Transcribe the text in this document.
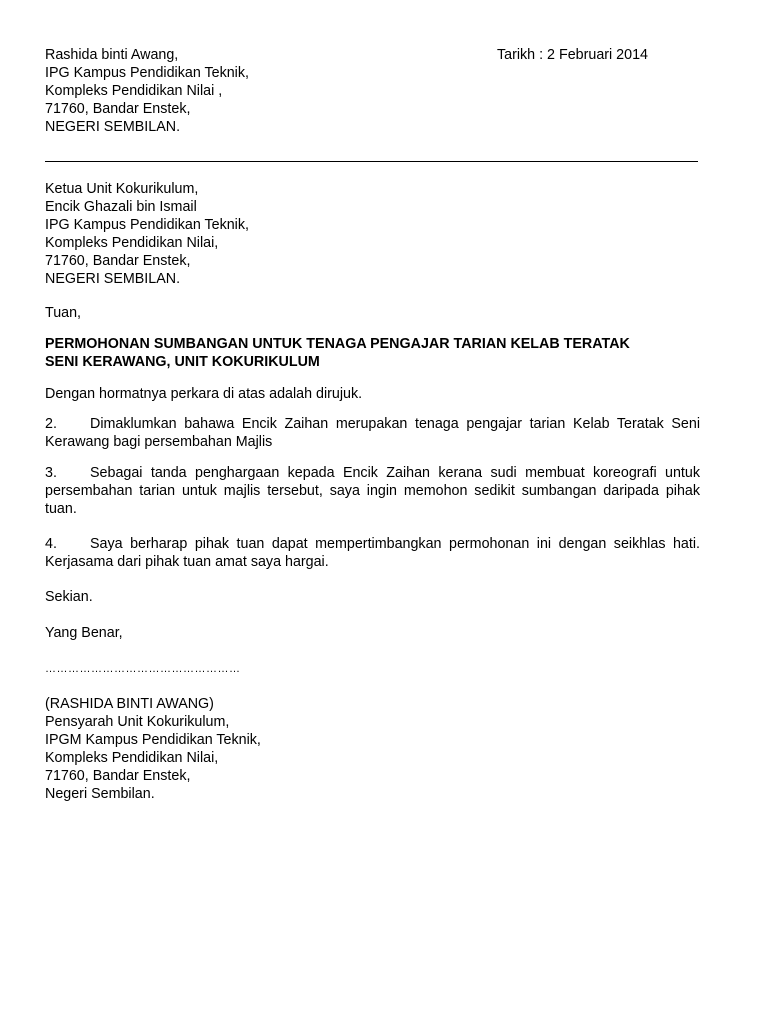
Rashida binti Awang,
IPG Kampus Pendidikan Teknik,
Kompleks Pendidikan Nilai ,
71760, Bandar Enstek,
NEGERI SEMBILAN.
Tarikh : 2 Februari 2014
Ketua Unit Kokurikulum,
Encik Ghazali bin Ismail
IPG Kampus Pendidikan Teknik,
Kompleks Pendidikan Nilai,
71760, Bandar Enstek,
NEGERI SEMBILAN.
Tuan,
PERMOHONAN SUMBANGAN UNTUK TENAGA PENGAJAR TARIAN KELAB TERATAK
SENI KERAWANG, UNIT KOKURIKULUM
Dengan hormatnya perkara di atas adalah dirujuk.
2. Dimaklumkan bahawa Encik Zaihan merupakan tenaga pengajar tarian Kelab Teratak Seni Kerawang bagi persembahan Majlis
3. Sebagai tanda penghargaan kepada Encik Zaihan kerana sudi membuat koreografi untuk persembahan tarian untuk majlis tersebut, saya ingin memohon sedikit sumbangan daripada pihak tuan.
4. Saya berharap pihak tuan dapat mempertimbangkan permohonan ini dengan seikhlas hati. Kerjasama dari pihak tuan amat saya hargai.
Sekian.
Yang Benar,
……………………………………………
(RASHIDA BINTI AWANG)
Pensyarah Unit Kokurikulum,
IPGM Kampus Pendidikan Teknik,
Kompleks Pendidikan Nilai,
71760, Bandar Enstek,
Negeri Sembilan.
